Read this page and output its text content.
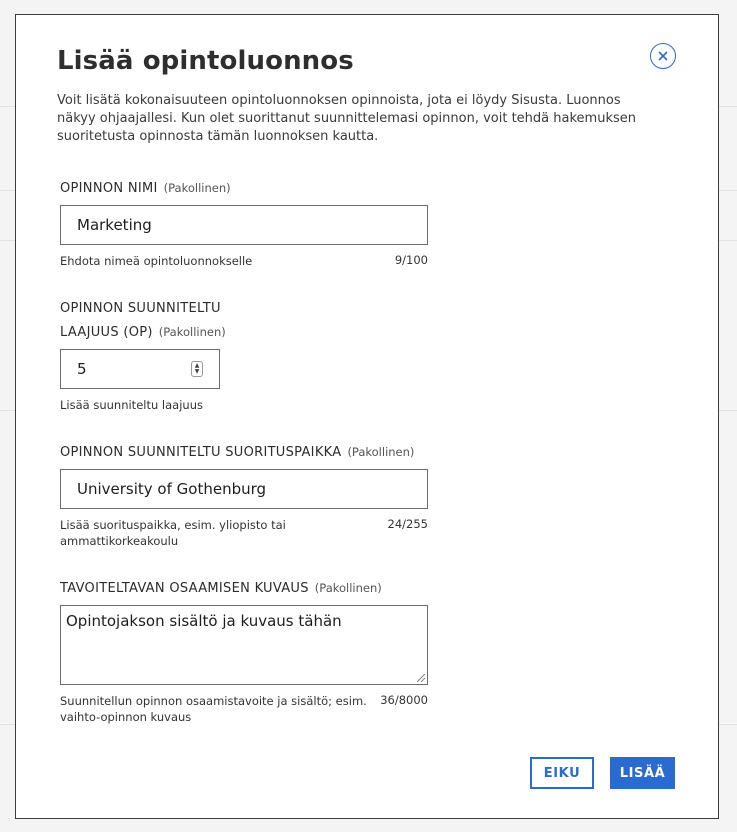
Lisää opintoluonnos
Voit lisätä kokonaisuuteen opintoluonnoksen opinnoista, jota ei löydy Sisusta. Luonnos näkyy ohjaajallesi. Kun olet suorittanut suunnittelemasi opinnon, voit tehdä hakemuksen suoritetusta opinnosta tämän luonnoksen kautta.
OPINNON NIMI (Pakollinen)
Marketing
Ehdota nimeä opintoluonnokselle	9/100
OPINNON SUUNNITELTU
LAAJUUS (OP) (Pakollinen)
5	▲
▼
Lisää suunniteltu laajuus
OPINNON SUUNNITELTU SUORITUSPAIKKA (Pakollinen)
University of Gothenburg
Lisää suorituspaikka, esim. yliopisto tai
ammattikorkeakoulu
24/255
TAVOITELTAVAN OSAAMISEN KUVAUS (Pakollinen)
Opintojakson sisältö ja kuvaus tähän
Suunnitellun opinnon osaamistavoite ja sisältö; esim.
vaihto-opinnon kuvaus
36/8000
EIKU	LISÄÄ
